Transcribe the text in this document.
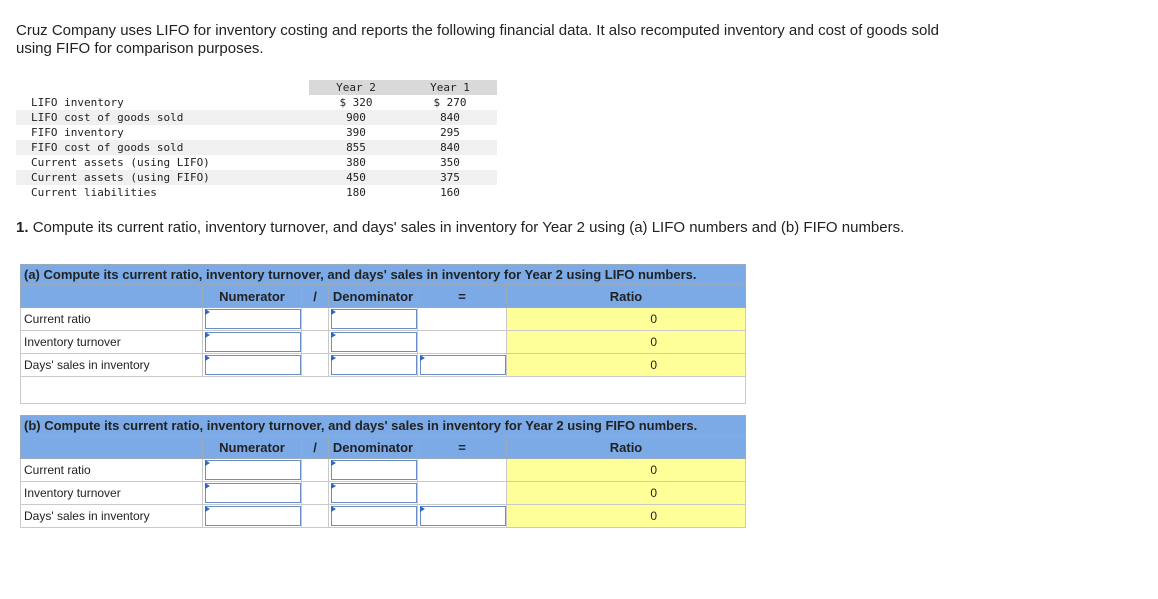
Cruz Company uses LIFO for inventory costing and reports the following financial data. It also recomputed inventory and cost of goods sold using FIFO for comparison purposes.
	Year 2	Year 1
LIFO inventory	$ 320	$ 270
LIFO cost of goods sold	900	840
FIFO inventory	390	295
FIFO cost of goods sold	855	840
Current assets (using LIFO)	380	350
Current assets (using FIFO)	450	375
Current liabilities	180	160
1. Compute its current ratio, inventory turnover, and days' sales in inventory for Year 2 using (a) LIFO numbers and (b) FIFO numbers.
(a) Compute its current ratio, inventory turnover, and days' sales in inventory for Year 2 using LIFO numbers.					
	Numerator	/	Denominator	=	Ratio
Current ratio					0
Inventory turnover					0
Days' sales in inventory					0

(b) Compute its current ratio, inventory turnover, and days' sales in inventory for Year 2 using FIFO numbers.					
	Numerator	/	Denominator	=	Ratio
Current ratio					0
Inventory turnover					0
Days' sales in inventory					0
